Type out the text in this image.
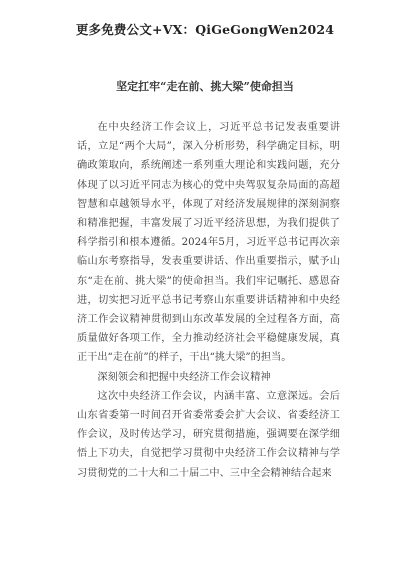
更多免费公文+VX：QiGeGongWen2024
坚定扛牢“走在前、挑大梁”使命担当

在中央经济工作会议上，习近平总书记发表重要讲话，立足“两个大局”，深入分析形势，科学确定目标，明确政策取向，系统阐述一系列重大理论和实践问题，充分体现了以习近平同志为核心的党中央驾驭复杂局面的高超智慧和卓越领导水平，体现了对经济发展规律的深刻洞察和精准把握，丰富发展了习近平经济思想，为我们提供了科学指引和根本遵循。2024年5月，习近平总书记再次亲临山东考察指导，发表重要讲话、作出重要指示，赋予山东“走在前、挑大梁”的使命担当。我们牢记嘱托、感恩奋进，切实把习近平总书记考察山东重要讲话精神和中央经济工作会议精神贯彻到山东改革发展的全过程各方面，高质量做好各项工作，全力推动经济社会平稳健康发展，真正干出“走在前”的样子，干出“挑大梁”的担当。

深刻领会和把握中央经济工作会议精神

这次中央经济工作会议，内涵丰富、立意深远。会后山东省委第一时间召开省委常委会扩大会议、省委经济工作会议，及时传达学习，研究贯彻措施，强调要在深学细悟上下功夫，自觉把学习贯彻中央经济工作会议精神与学习贯彻党的二十大和二十届二中、三中全会精神结合起来
